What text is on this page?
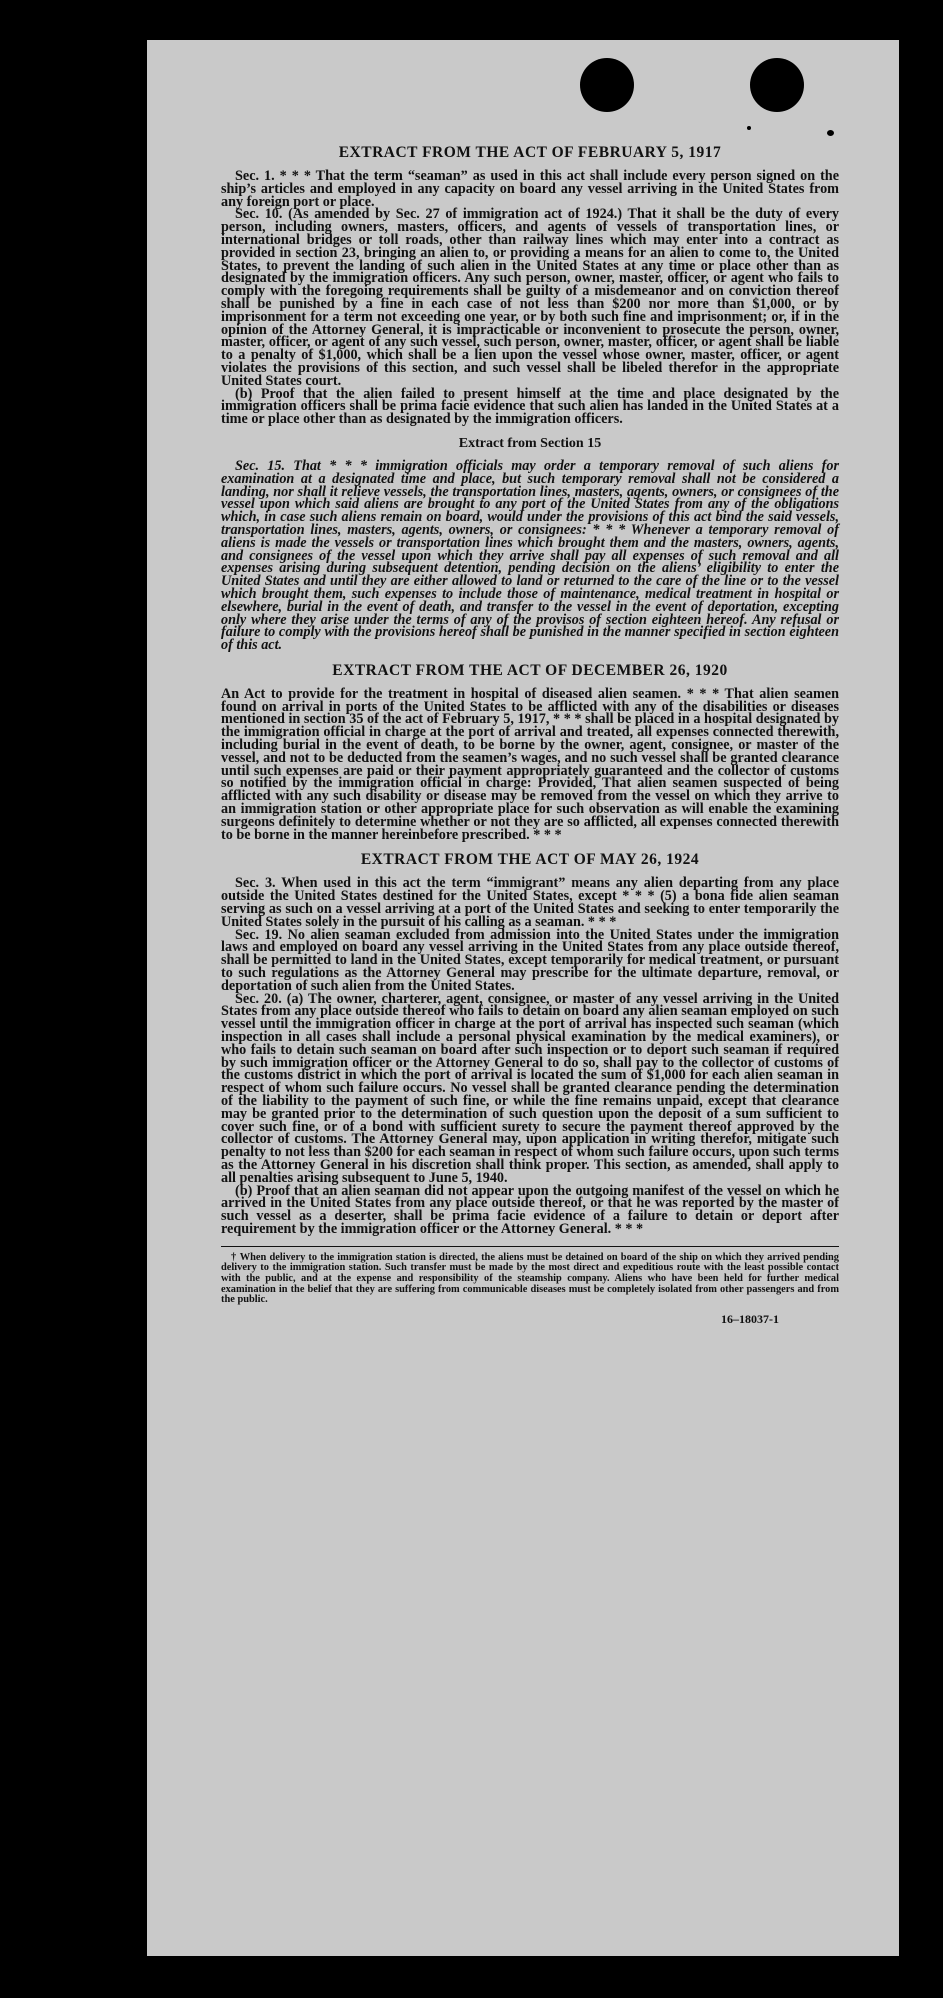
EXTRACT FROM THE ACT OF FEBRUARY 5, 1917

Sec. 1. * * * That the term “seaman” as used in this act shall include every person signed on the ship’s articles and employed in any capacity on board any vessel arriving in the United States from any foreign port or place.

Sec. 10. (As amended by Sec. 27 of immigration act of 1924.) That it shall be the duty of every person, including owners, masters, officers, and agents of vessels of transportation lines, or international bridges or toll roads, other than railway lines which may enter into a contract as provided in section 23, bringing an alien to, or providing a means for an alien to come to, the United States, to prevent the landing of such alien in the United States at any time or place other than as designated by the immigration officers. Any such person, owner, master, officer, or agent who fails to comply with the foregoing requirements shall be guilty of a misdemeanor and on conviction thereof shall be punished by a fine in each case of not less than $200 nor more than $1,000, or by imprisonment for a term not exceeding one year, or by both such fine and imprisonment; or, if in the opinion of the Attorney General, it is impracticable or inconvenient to prosecute the person, owner, master, officer, or agent of any such vessel, such person, owner, master, officer, or agent shall be liable to a penalty of $1,000, which shall be a lien upon the vessel whose owner, master, officer, or agent violates the provisions of this section, and such vessel shall be libeled therefor in the appropriate United States court.

(b) Proof that the alien failed to present himself at the time and place designated by the immigration officers shall be prima facie evidence that such alien has landed in the United States at a time or place other than as designated by the immigration officers.

Extract from Section 15

Sec. 15. That * * * immigration officials may order a temporary removal of such aliens for examination at a designated time and place, but such temporary removal shall not be considered a landing, nor shall it relieve vessels, the transportation lines, masters, agents, owners, or consignees of the vessel upon which said aliens are brought to any port of the United States from any of the obligations which, in case such aliens remain on board, would under the provisions of this act bind the said vessels, transportation lines, masters, agents, owners, or consignees: * * * Whenever a temporary removal of aliens is made the vessels or transportation lines which brought them and the masters, owners, agents, and consignees of the vessel upon which they arrive shall pay all expenses of such removal and all expenses arising during subsequent detention, pending decision on the aliens’ eligibility to enter the United States and until they are either allowed to land or returned to the care of the line or to the vessel which brought them, such expenses to include those of maintenance, medical treatment in hospital or elsewhere, burial in the event of death, and transfer to the vessel in the event of deportation, excepting only where they arise under the terms of any of the provisos of section eighteen hereof. Any refusal or failure to comply with the provisions hereof shall be punished in the manner specified in section eighteen of this act.

EXTRACT FROM THE ACT OF DECEMBER 26, 1920

An Act to provide for the treatment in hospital of diseased alien seamen. * * * That alien seamen found on arrival in ports of the United States to be afflicted with any of the disabilities or diseases mentioned in section 35 of the act of February 5, 1917, * * * shall be placed in a hospital designated by the immigration official in charge at the port of arrival and treated, all expenses connected therewith, including burial in the event of death, to be borne by the owner, agent, consignee, or master of the vessel, and not to be deducted from the seamen’s wages, and no such vessel shall be granted clearance until such expenses are paid or their payment appropriately guaranteed and the collector of customs so notified by the immigration official in charge: Provided, That alien seamen suspected of being afflicted with any such disability or disease may be removed from the vessel on which they arrive to an immigration station or other appropriate place for such observation as will enable the examining surgeons definitely to determine whether or not they are so afflicted, all expenses connected therewith to be borne in the manner hereinbefore prescribed. * * *

EXTRACT FROM THE ACT OF MAY 26, 1924

Sec. 3. When used in this act the term “immigrant” means any alien departing from any place outside the United States destined for the United States, except * * * (5) a bona fide alien seaman serving as such on a vessel arriving at a port of the United States and seeking to enter temporarily the United States solely in the pursuit of his calling as a seaman. * * *

Sec. 19. No alien seaman excluded from admission into the United States under the immigration laws and employed on board any vessel arriving in the United States from any place outside thereof, shall be permitted to land in the United States, except temporarily for medical treatment, or pursuant to such regulations as the Attorney General may prescribe for the ultimate departure, removal, or deportation of such alien from the United States.

Sec. 20. (a) The owner, charterer, agent, consignee, or master of any vessel arriving in the United States from any place outside thereof who fails to detain on board any alien seaman employed on such vessel until the immigration officer in charge at the port of arrival has inspected such seaman (which inspection in all cases shall include a personal physical examination by the medical examiners), or who fails to detain such seaman on board after such inspection or to deport such seaman if required by such immigration officer or the Attorney General to do so, shall pay to the collector of customs of the customs district in which the port of arrival is located the sum of $1,000 for each alien seaman in respect of whom such failure occurs. No vessel shall be granted clearance pending the determination of the liability to the payment of such fine, or while the fine remains unpaid, except that clearance may be granted prior to the determination of such question upon the deposit of a sum sufficient to cover such fine, or of a bond with sufficient surety to secure the payment thereof approved by the collector of customs. The Attorney General may, upon application in writing therefor, mitigate such penalty to not less than $200 for each seaman in respect of whom such failure occurs, upon such terms as the Attorney General in his discretion shall think proper. This section, as amended, shall apply to all penalties arising subsequent to June 5, 1940.

(b) Proof that an alien seaman did not appear upon the outgoing manifest of the vessel on which he arrived in the United States from any place outside thereof, or that he was reported by the master of such vessel as a deserter, shall be prima facie evidence of a failure to detain or deport after requirement by the immigration officer or the Attorney General. * * *

† When delivery to the immigration station is directed, the aliens must be detained on board of the ship on which they arrived pending delivery to the immigration station. Such transfer must be made by the most direct and expeditious route with the least possible contact with the public, and at the expense and responsibility of the steamship company. Aliens who have been held for further medical examination in the belief that they are suffering from communicable diseases must be completely isolated from other passengers and from the public.

16–18037-1
